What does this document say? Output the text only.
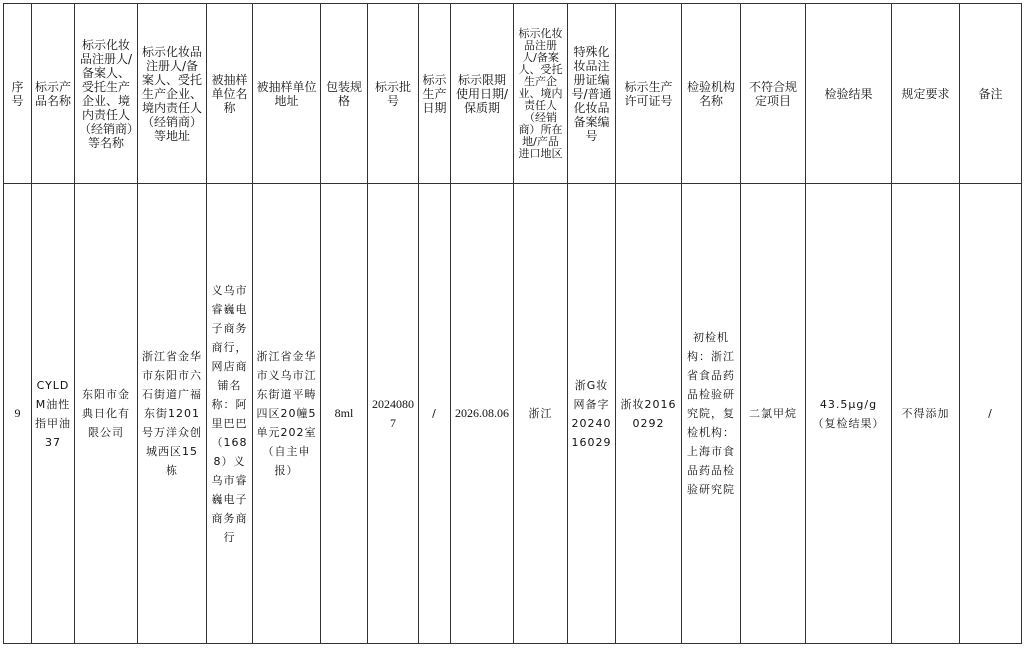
序号	标示产品名称	标示化妆品注册人/备案人、受托生产企业、境内责任人（经销商）等名称	标示化妆品注册人/备案人、受托生产企业、境内责任人（经销商）等地址	被抽样单位名称	被抽样单位地址	包装规格	标示批号	标示生产日期	标示限期使用日期/保质期	标示化妆品注册人/备案人、受托生产企业、境内责任人（经销商）所在地/产品进口地区	特殊化妆品注册证编号/普通化妆品备案编号	标示生产许可证号	检验机构名称	不符合规定项目	检验结果	规定要求	备注
9	CYLDM油性指甲油37	东阳市金典日化有限公司	浙江省金华市东阳市六石街道广福东街1201号万洋众创城西区15栋	义乌市睿巍电子商务商行，网店商铺名称：阿里巴巴（1688）义乌市睿巍电子商务商行	浙江省金华市义乌市江东街道平畴四区20幢5单元202室（自主申报）	8ml	20240807	/	2026.08.06	浙江	浙G妆网备字2024016029	浙妆20160292	初检机构：浙江省食品药品检验研究院，复检机构：上海市食品药品检验研究院	二氯甲烷	43.5μg/g（复检结果）	不得添加	/
